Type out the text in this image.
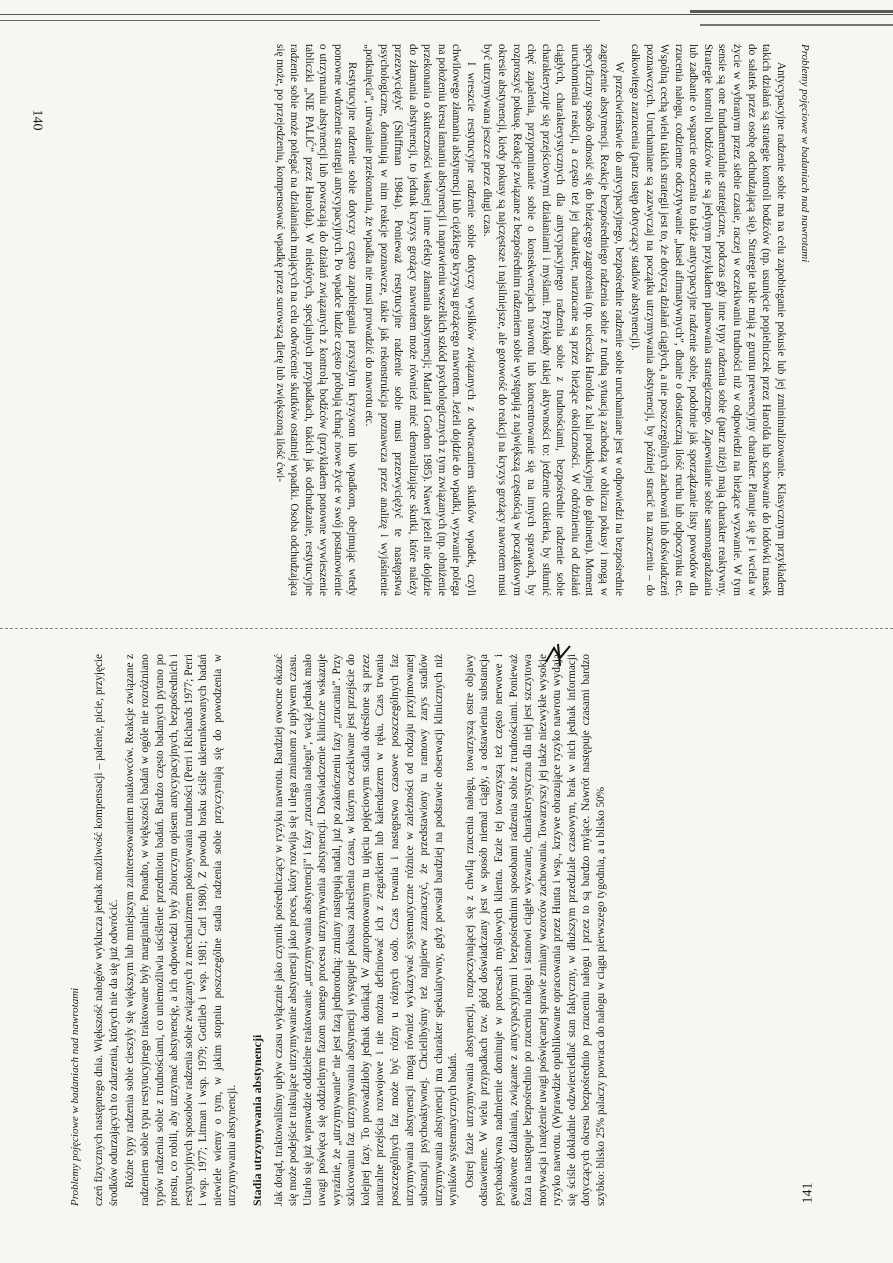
Problemy pojęciowe w badaniach nad nawrotami

Antycypacyjne radzenie sobie ma na celu zapobieganie pokusie lub jej zminimalizowanie. Klasycznym przykładem takich działań są strategie kontroli bodźców (np. usunięcie popielniczek przez Harolda lub schowanie do lodówki masek do sałatek przez osobę odchudzającą się). Strategie takie mają z gruntu prewencyjny charakter. Planuje się je i wciela w życie w wybranym przez siebie czasie, raczej w oczekiwaniu trudności niż w odpowiedzi na bieżące wyzwanie. W tym sensie są one fundamentalnie strategiczne, podczas gdy inne typy radzenia sobie (patrz niżej) mają charakter reaktywny. Strategie kontroli bodźców nie są jedynym przykładem planowania strategicznego. Zapewnianie sobie samonagradzania lub zadbanie o wsparcie otoczenia to także antycypacyjne radzenie sobie, podobnie jak sporządzanie listy powodów dla rzucenia nałogu, codzienne odczytywanie „haseł afirmatywnych”, dbanie o dostateczną ilość ruchu lub odpoczynku etc. Wspólną cechą wielu takich strategii jest to, że dotyczą działań ciągłych, a nie poszczególnych zachowań lub doświadczeń poznawczych. Uruchamiane są zazwyczaj na początku utrzymywania abstynencji, by później stracić na znaczeniu – do całkowitego zarzucenia (patrz ustęp dotyczący stadiów abstynencji).

W przeciwieństwie do antycypacyjnego, bezpośrednie radzenie sobie uruchamiane jest w odpowiedzi na bezpośrednie zagrożenie abstynencji. Reakcje bezpośredniego radzenia sobie z trudną sytuacją zachodzą w obliczu pokusy i mogą w specyficzny sposób odnosić się do bieżącego zagrożenia (np. ucieczka Harolda z hali produkcyjnej do gabinetu). Moment uruchomienia reakcji, a często też jej charakter, narzucane są przez bieżące okoliczności. W odróżnieniu od działań ciągłych, charakterystycznych dla antycypacyjnego radzenia sobie z trudnościami, bezpośrednie radzenie sobie charakteryzuje się przejściowymi działaniami i myślami. Przykłady takiej aktywności to: jedzenie cukierka, by stłumić chęć zapalenia, przypominanie sobie o konsekwencjach nawrotu lub koncentrowanie się na innych sprawach, by rozproszyć pokusę. Reakcje związane z bezpośrednim radzeniem sobie występują z największą częstością w początkowym okresie abstynencji, kiedy pokusy są najczęstsze i najsilniejsze, ale gotowość do reakcji na kryzys grożący nawrotem musi być utrzymywana jeszcze przez długi czas.

I wreszcie restytucyjne radzenie sobie dotyczy wysiłków związanych z odwracaniem skutków wpadek, czyli chwilowego złamania abstynencji lub ciężkiego kryzysu grożącego nawrotem. Jeżeli dojdzie do wpadki, wyzwanie polega na położeniu kresu łamaniu abstynencji i naprawieniu wszelkich szkód psychologicznych z tym związanych (np. obniżenie przekonania o skuteczności własnej i inne efekty złamania abstynencji; Marlatt i Gordon 1985). Nawet jeżeli nie dojdzie do złamania abstynencji, to jednak kryzys grożący nawrotem może również mieć demoralizujące skutki, które należy przezwyciężyć (Shiffman 1984a). Ponieważ restytucyjne radzenie sobie musi przezwyciężyć te następstwa psychologiczne, dominują w nim reakcje poznawcze, takie jak rekonstrukcja poznawcza przez analizę i wyjaśnienie „potknięcia”, utrwalanie przekonania, że wpadka nie musi prowadzić do nawrotu etc.

Restytucyjne radzenie sobie dotyczy często zapobiegania przyszłym kryzysom lub wpadkom, obejmując wtedy ponowne wdrożenie strategii antycypacyjnych. Po wpadce ludzie często próbują tchnąć nowe życie w swój postanowienie o utrzymaniu abstynencji lub powracają do działań związanych z kontrolą bodźców (przykładem ponowne wywieszenie tabliczki „NIE PALIĆ” przez Harolda). W niektórych, specjalnych przypadkach, takich jak odchudzanie, restytucyjne radzenie sobie może polegać na działaniach mających na celu odwrócenie skutków ostatniej wpadki. Osoba odchudzająca się może, po przejedzeniu, kompensować wpadkę przez surowszą dietę lub zwiększoną ilość ćwi-

140
Problemy pojęciowe w badaniach nad nawrotami czeń fizycznych następnego dnia. Większość nałogów wyklucza jednak możliwość kompensacji – palenie, picie, przyjęcie środków odurzających to zdarzenia, których nie da się już odwrócić. Różne typy radzenia sobie cieszyły się większym lub mniejszym zainteresowaniem naukowców. Reakcje związane z radzeniem sobie typu restytucyjnego traktowane były marginalnie. Ponadto, w większości badań w ogóle nie rozróżniano typów radzenia sobie z trudnościami, co uniemożliwia uściślenie przedmiotu badań. Bardzo często badanych pytano po prostu, co robili, aby utrzymać abstynencję, a ich odpowiedzi były zbiorczym opisem antycypacyjnych, bezpośrednich i restytucyjnych sposobów radzenia sobie związanych z mechanizmem pokonywania trudności (Perri i Richards 1977; Perri i wsp. 1977; Litman i wsp. 1979; Gottlieb i wsp. 1981; Carl 1980). Z powodu braku ściśle ukierunkowanych badań niewiele wiemy o tym, w jakim stopniu poszczególne stadia radzenia sobie przyczyniają się do powodzenia w utrzymywaniu abstynencji. Stadia utrzymywania abstynencji Jak dotąd, traktowaliśmy upływ czasu wyłącznie jako czynnik pośredniczący w ryzyku nawrotu. Bardziej owocne okazać się może podejście traktujące utrzymywanie abstynencji jako proces, który rozwija się i ulega zmianom z upływem czasu. Utarło się już wprawdzie oddzielne traktowanie „utrzymywania abstynencji” i fazy „rzucania nałogu”, wciąż jednak mało uwagi poświęca się oddzielnym fazom samego procesu utrzymywania abstynencji. Doświadczenie kliniczne wskazuje wyraźnie, że „utrzymywanie” nie jest fazą jednorodną: zmiany następują nadal, już po zakończeniu fazy „rzucania”. Przy szkicowaniu faz utrzymywania abstynencji występuje pokusa zakreślenia czasu, w którym oczekiwane jest przejście do kolejnej fazy. To prowadziłoby jednak donikąd. W zaproponowanym tu ujęciu pojęciowym stadia określone są przez naturalne przejścia rozwojowe i nie można definiować ich z zegarkiem lub kalendarzem w ręku. Czas trwania poszczególnych faz może być różny u różnych osób. Czas trwania i następstwo czasowe poszczególnych faz utrzymywania abstynencji mogą również wykazywać systematyczne różnice w zależności od rodzaju przyjmowanej substancji psychoaktywnej. Chcielibyśmy też najpierw zaznaczyć, że przedstawiony tu ramowy zarys stadiów utrzymywania abstynencji ma charakter spekulatywny, gdyż powstał bardziej na podstawie obserwacji klinicznych niż wyników systematycznych badań. Ostrej fazie utrzymywania abstynencji, rozpoczynającej się z chwilą rzucenia nałogu, towarzyszą ostre objawy odstawienne. W wielu przypadkach tzw. głód doświadczany jest w sposób niemal ciągły, a odstawienia substancja psychoaktywna nadmiernie dominuje w procesach myślowych klienta. Fazie tej towarzyszą też często nerwowe i gwałtowne działania, związane z antycypacyjnymi i bezpośrednimi sposobami radzenia sobie z trudnościami. Ponieważ faza ta następuje bezpośrednio po rzuceniu nałogu i stanowi ciągłe wyzwanie, charakterystyczna dla niej jest szczytowa motywacja i natężenie uwagi poświęcanej sprawie zmiany wzorców zachowania. Towarzyszy jej także niezwykłe wysokie ryzyko nawrotu. (Wprawdzie opublikowane opracowania przez Hunta i wsp., krzywe obrazujące ryzyko nawrotu wydają się ściśle dokładnie odzwierciedlać stan faktyczny, w dłuższym przedziale czasowym, brak w nich jednak informacji dotyczących okresu bezpośrednio po rzuceniu nałogu i przez to są bardzo mylące. Nawrót następuje czasami bardzo szybko: blisko 25% palaczy powraca do nałogu w ciągu pierwszego tygodnia, a u blisko 50%	141
